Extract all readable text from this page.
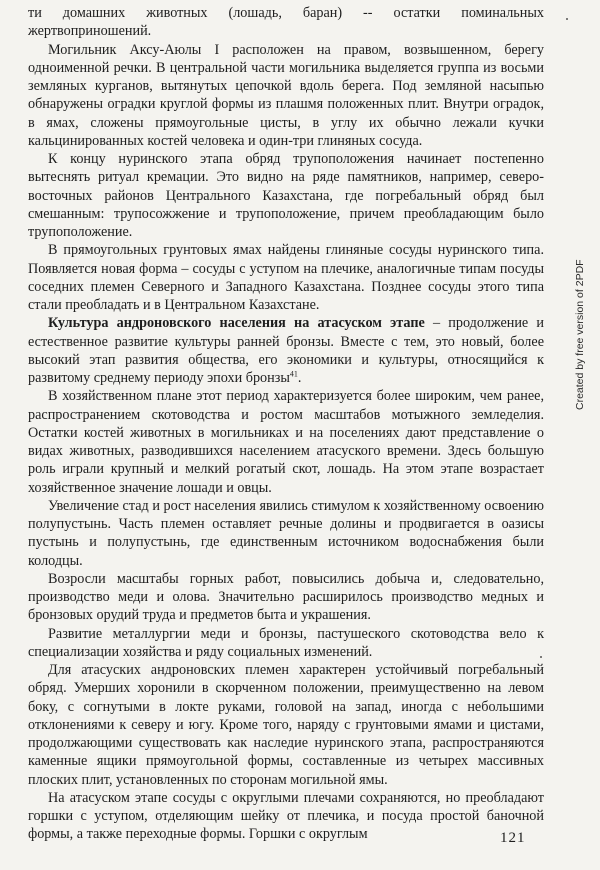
ти домашних животных (лошадь, баран) -- остатки поминальных жертвоприношений.

Могильник Аксу-Аюлы I расположен на правом, возвышенном, берегу одноименной речки. В центральной части могильника выделяется группа из восьми земляных курганов, вытянутых цепочкой вдоль берега. Под земляной насыпью обнаружены оградки круглой формы из плашмя положенных плит. Внутри оградок, в ямах, сложены прямоугольные цисты, в углу их обычно лежали кучки кальцинированных костей человека и один-три глиняных сосуда.

К концу нуринского этапа обряд трупоположения начинает постепенно вытеснять ритуал кремации. Это видно на ряде памятников, например, северо-восточных районов Центрального Казахстана, где погребальный обряд был смешанным: трупосожжение и трупоположение, причем преобладающим было трупоположение.

В прямоугольных грунтовых ямах найдены глиняные сосуды нуринского типа. Появляется новая форма – сосуды с уступом на плечике, аналогичные типам посуды соседних племен Северного и Западного Казахстана. Позднее сосуды этого типа стали преобладать и в Центральном Казахстане.

Культура андроновского населения на атасуском этапе – продолжение и естественное развитие культуры ранней бронзы. Вместе с тем, это новый, более высокий этап развития общества, его экономики и культуры, относящийся к развитому среднему периоду эпохи бронзы$^{41}$.

В хозяйственном плане этот период характеризуется более широким, чем ранее, распространением скотоводства и ростом масштабов мотыжного земледелия. Остатки костей животных в могильниках и на поселениях дают представление о видах животных, разводившихся населением атасуского времени. Здесь большую роль играли крупный и мелкий рогатый скот, лошадь. На этом этапе возрастает хозяйственное значение лошади и овцы.

Увеличение стад и рост населения явились стимулом к хозяйственному освоению полупустынь. Часть племен оставляет речные долины и продвигается в оазисы пустынь и полупустынь, где единственным источником водоснабжения были колодцы.

Возросли масштабы горных работ, повысились добыча и, следовательно, производство меди и олова. Значительно расширилось производство медных и бронзовых орудий труда и предметов быта и украшения.

Развитие металлургии меди и бронзы, пастушеского скотоводства вело к специализации хозяйства и ряду социальных изменений.

Для атасуских андроновских племен характерен устойчивый погребальный обряд. Умерших хоронили в скорченном положении, преимущественно на левом боку, с согнутыми в локте руками, головой на запад, иногда с небольшими отклонениями к северу и югу. Кроме того, наряду с грунтовыми ямами и цистами, продолжающими существовать как наследие нуринского этапа, распространяются каменные ящики прямоугольной формы, составленные из четырех массивных плоских плит, установленных по сторонам могильной ямы.

На атасуском этапе сосуды с округлыми плечами сохраняются, но преобладают горшки с уступом, отделяющим шейку от плечика, и посуда простой баночной формы, а также переходные формы. Горшки с округлым

Created by free version of 2PDF
121
